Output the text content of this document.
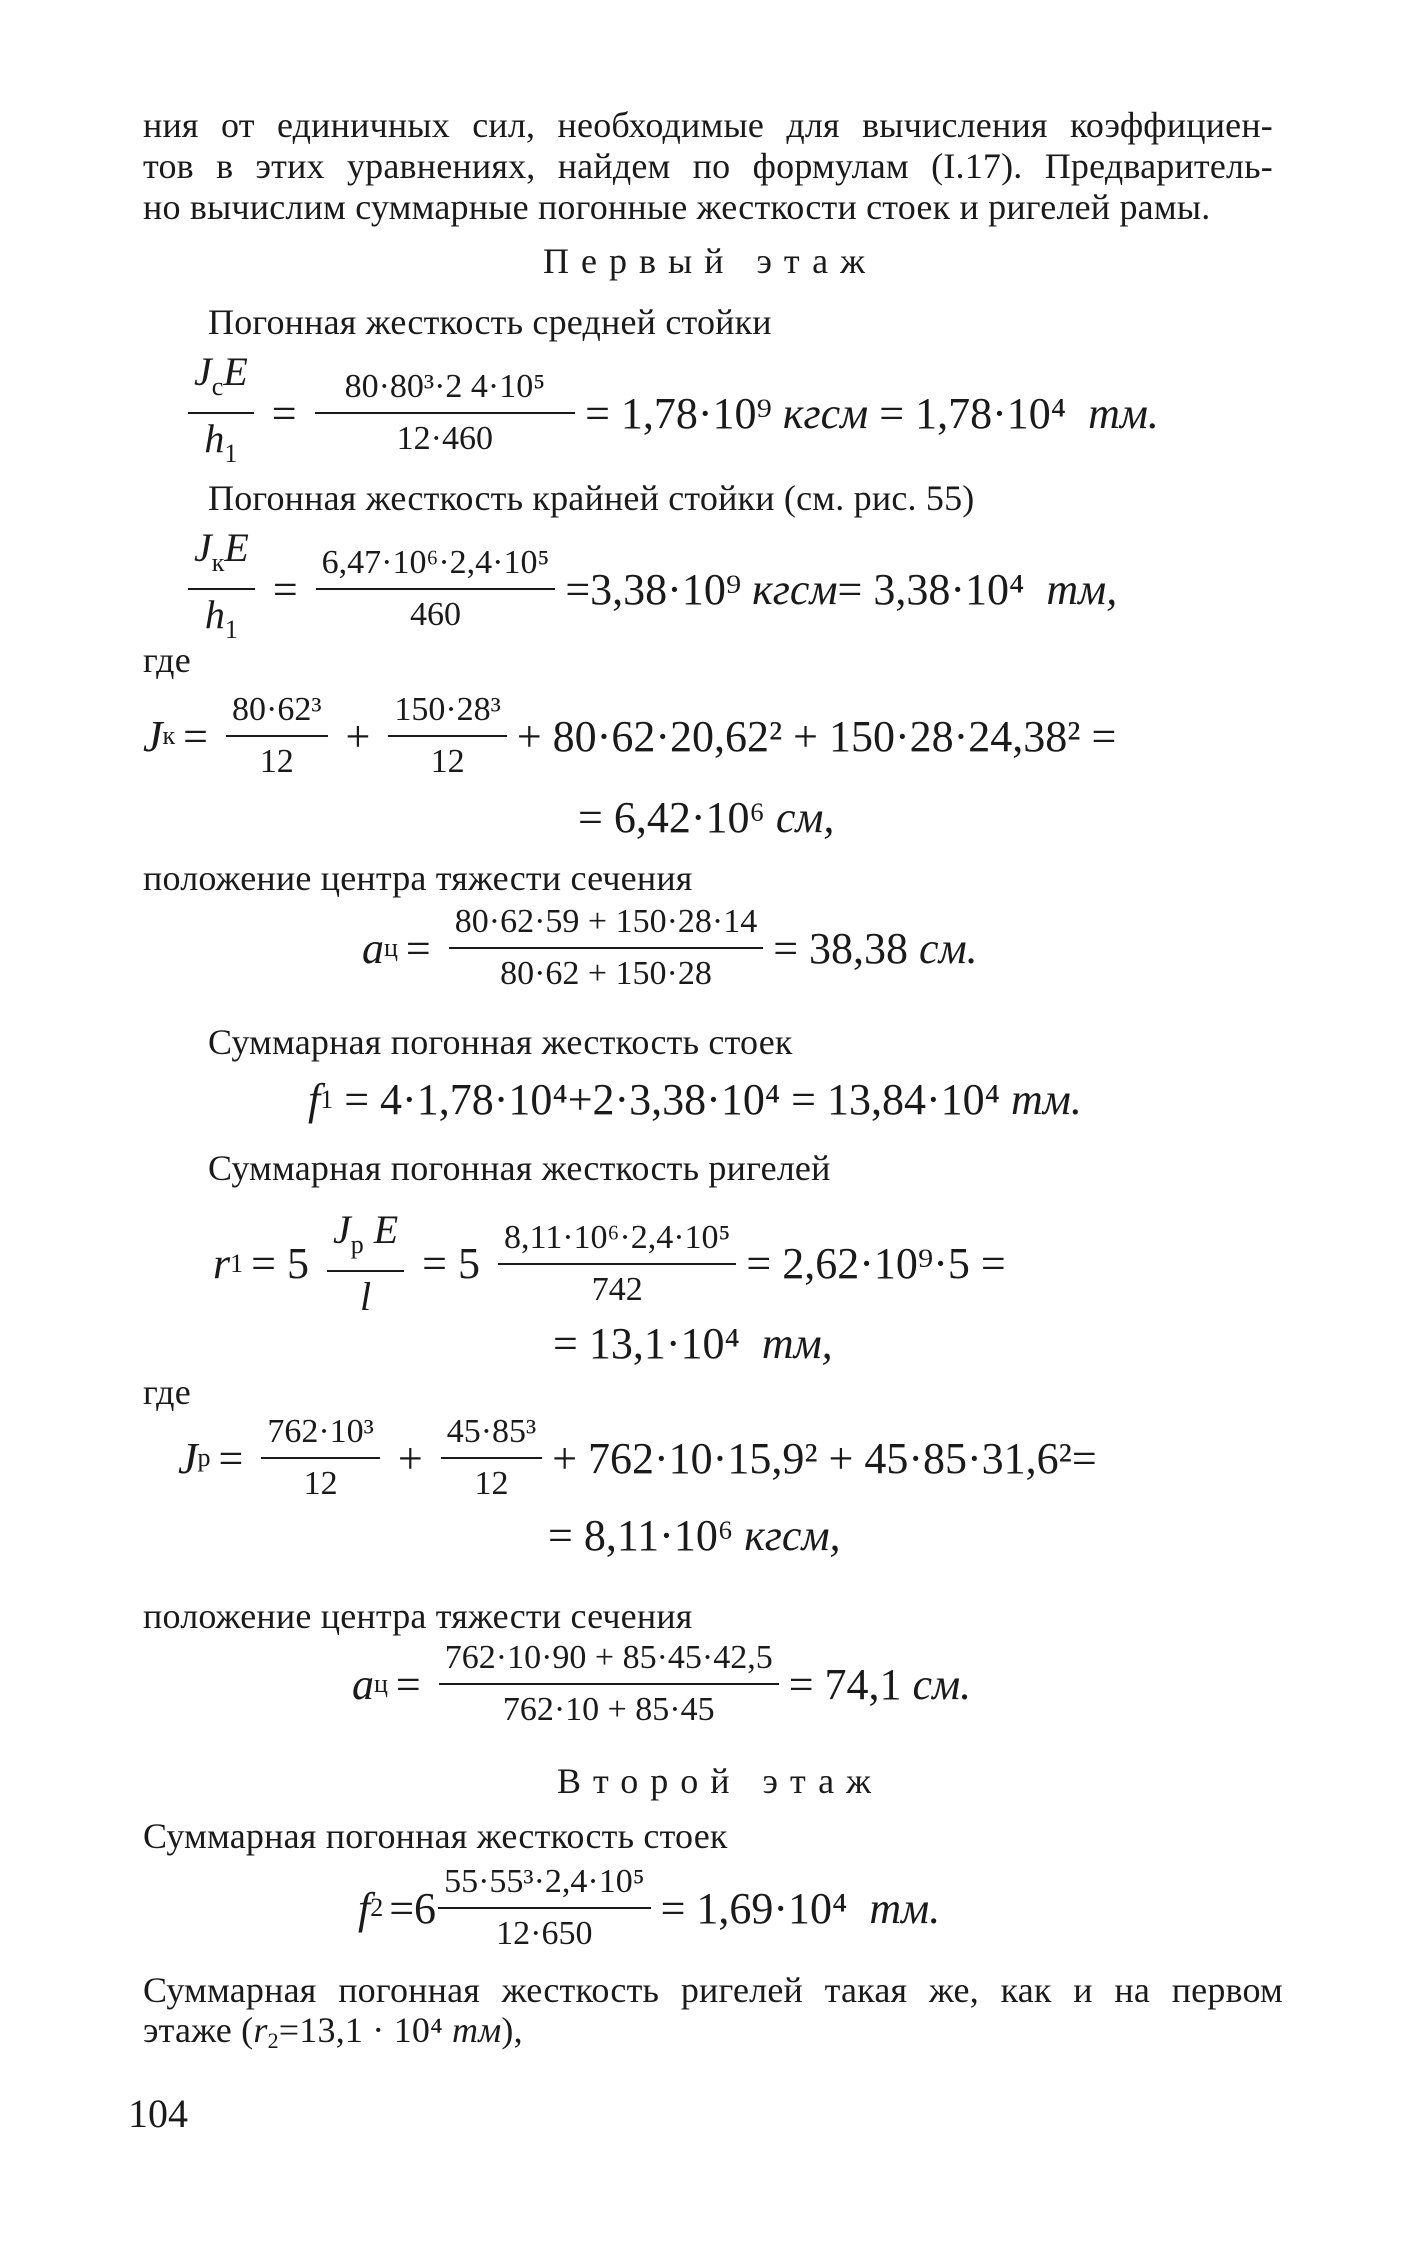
ния от единичных сил, необходимые для вычисления коэффициен-
тов в этих уравнениях, найдем по формулам (I.17). Предваритель-
но вычислим суммарные погонные жесткости стоек и ригелей рамы.
Первый этаж
Погонная жесткость средней стойки
$\frac{J_сE}{h_1} = \frac{\text{80·80³·2 4·10⁵}}{12\cdot 460} = 1,78\cdot 10^9$
кгсм
= 1,78·10⁴
тм.
Погонная жесткость крайней стойки (см. рис. 55)
$\frac{J_кE}{h_1} = \frac{\text{6,47·10⁶·2,4·10⁵}}{460} =3,38\cdot 10^9$
кгсм = 3,38·10⁴
тм,
где
J $к = \frac{\text{80·62³}}{12} + \frac{\text{150·28³}}{12} + 80\cdot 62\cdot 20,62^2 + 150\cdot 28\cdot 24,38^2$ =
= 6,42·10⁶
см,
положение центра тяжести сечения
a $ц = \frac{80\cdot 62\cdot 59 + 150\cdot 28\cdot 14}{80\cdot 62 + 150\cdot 28} = 38,38$
см.
Суммарная погонная жесткость стоек
f 1
= 4·1,78·10⁴+2·3,38·10⁴ = 13,84·10⁴
тм.
Суммарная погонная жесткость ригелей
r $1 = 5 \frac{J_р E}{l} = 5 \frac{\text{8,11·10⁶·2,4·10⁵}}{742} = 2,62\cdot 10^9\cdot 5$ =
= 13,1·10⁴
тм,
где
J $р = \frac{\text{762·10³}}{12} + \frac{\text{45·85³}}{12} + 762\cdot 10\cdot 15,9^2 + 45\cdot 85\cdot 31,6^2=$
= 8,11·10⁶
кгсм,
положение центра тяжести сечения
a $ц = \frac{762\cdot 10\cdot 90 + 85\cdot 45\cdot 42,5}{762\cdot 10 + 85\cdot 45} = 74,1$
см.
Второй этаж
Суммарная погонная жесткость стоек
f $2 =6 \frac{\text{55·55³·2,4·10⁵}}{12\cdot 650} = 1,69\cdot 10^4$
тм.
Суммарная погонная жесткость ригелей такая же, как и на первом
этаже ($r_2=13,1 \cdot 10^4$ тм),
104
